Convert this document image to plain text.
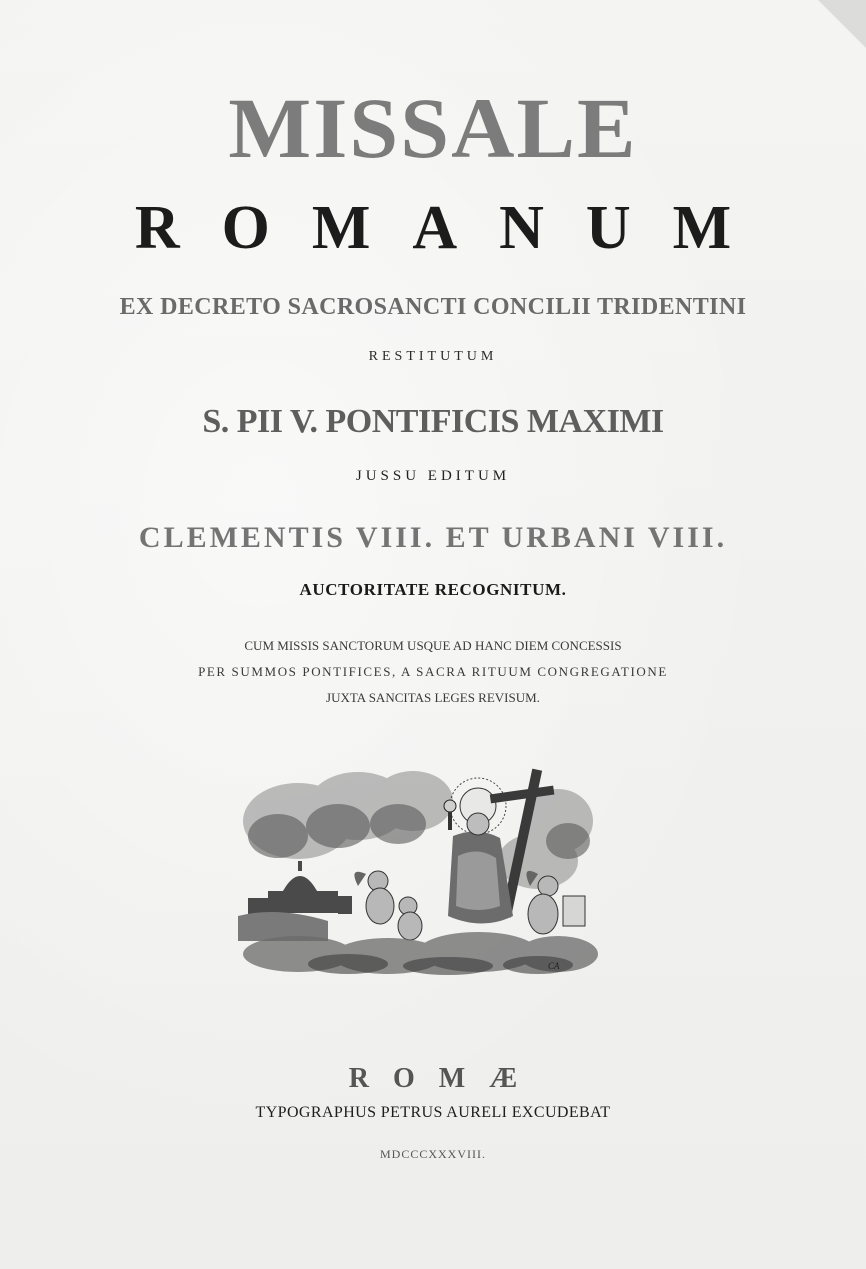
MISSALE
ROMANUM
EX DECRETO SACROSANCTI CONCILII TRIDENTINI
RESTITUTUM
S. PII V. PONTIFICIS MAXIMI
JUSSU EDITUM
CLEMENTIS VIII. ET URBANI VIII.
AUCTORITATE RECOGNITUM.
CUM MISSIS SANCTORUM USQUE AD HANC DIEM CONCESSIS
PER SUMMOS PONTIFICES, A SACRA RITUUM CONGREGATIONE
JUXTA SANCITAS LEGES REVISUM.
CA
ROMÆ
TYPOGRAPHUS PETRUS AURELI EXCUDEBAT
MDCCCXXXVIII.
